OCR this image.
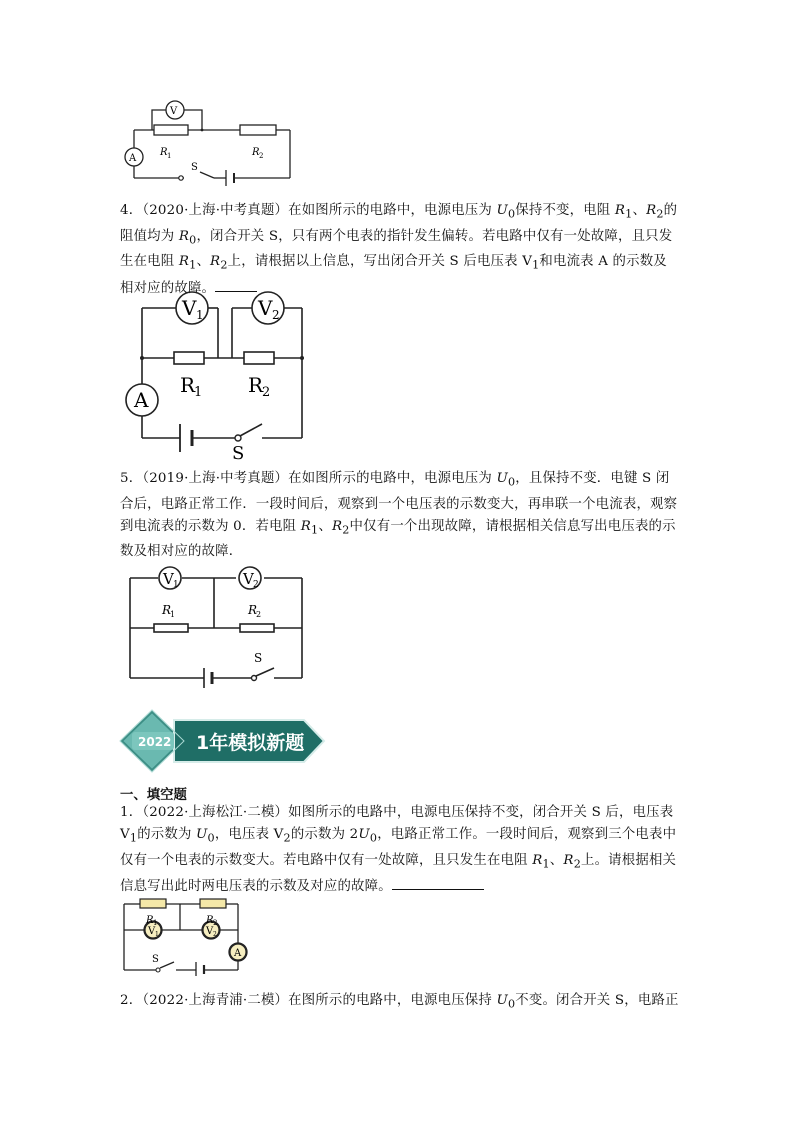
V
A
R 1	R 2
S
4．（2020·上海·中考真题）在如图所示的电路中，电源电压为 $U_0$保持不变，电阻 $R_1$、$R_2$的阻值均为 $R_0$，闭合开关 S，只有两个电表的指针发生偏转。若电路中仅有一处故障，且只发生在电阻 $R_1$、$R_2$上，请根据以上信息，写出闭合开关 S 后电压表 $V_1$和电流表 A 的示数及相对应的故障。
V 1	V 2
A
R
1 R
2
S
5．（2019·上海·中考真题）在如图所示的电路中，电源电压为 $U_0$，且保持不变．电键 S 闭合后，电路正常工作．一段时间后，观察到一个电压表的示数变大，再串联一个电流表，观察到电流表的示数为 0．若电阻 $R_1$、$R_2$中仅有一个出现故障，请根据相关信息写出电压表的示数及相对应的故障．
V 1	V 2
R
1	R
2
S
2022 1年模拟新题
一、填空题
1．（2022·上海松江·二模）如图所示的电路中，电源电压保持不变，闭合开关 S 后，电压表 $V_1$的示数为 $U_0$，电压表 $V_2$的示数为 $2U_0$，电路正常工作。一段时间后，观察到三个电表中仅有一个电表的示数变大。若电路中仅有一处故障，且只发生在电阻 $R_1$、$R_2$上。请根据相关信息写出此时两电压表的示数及对应的故障。
R 1	R 2
V 1	V 2
A
S
2．（2022·上海青浦·二模）在图所示的电路中，电源电压保持 $U_0$不变。闭合开关 S，电路正
